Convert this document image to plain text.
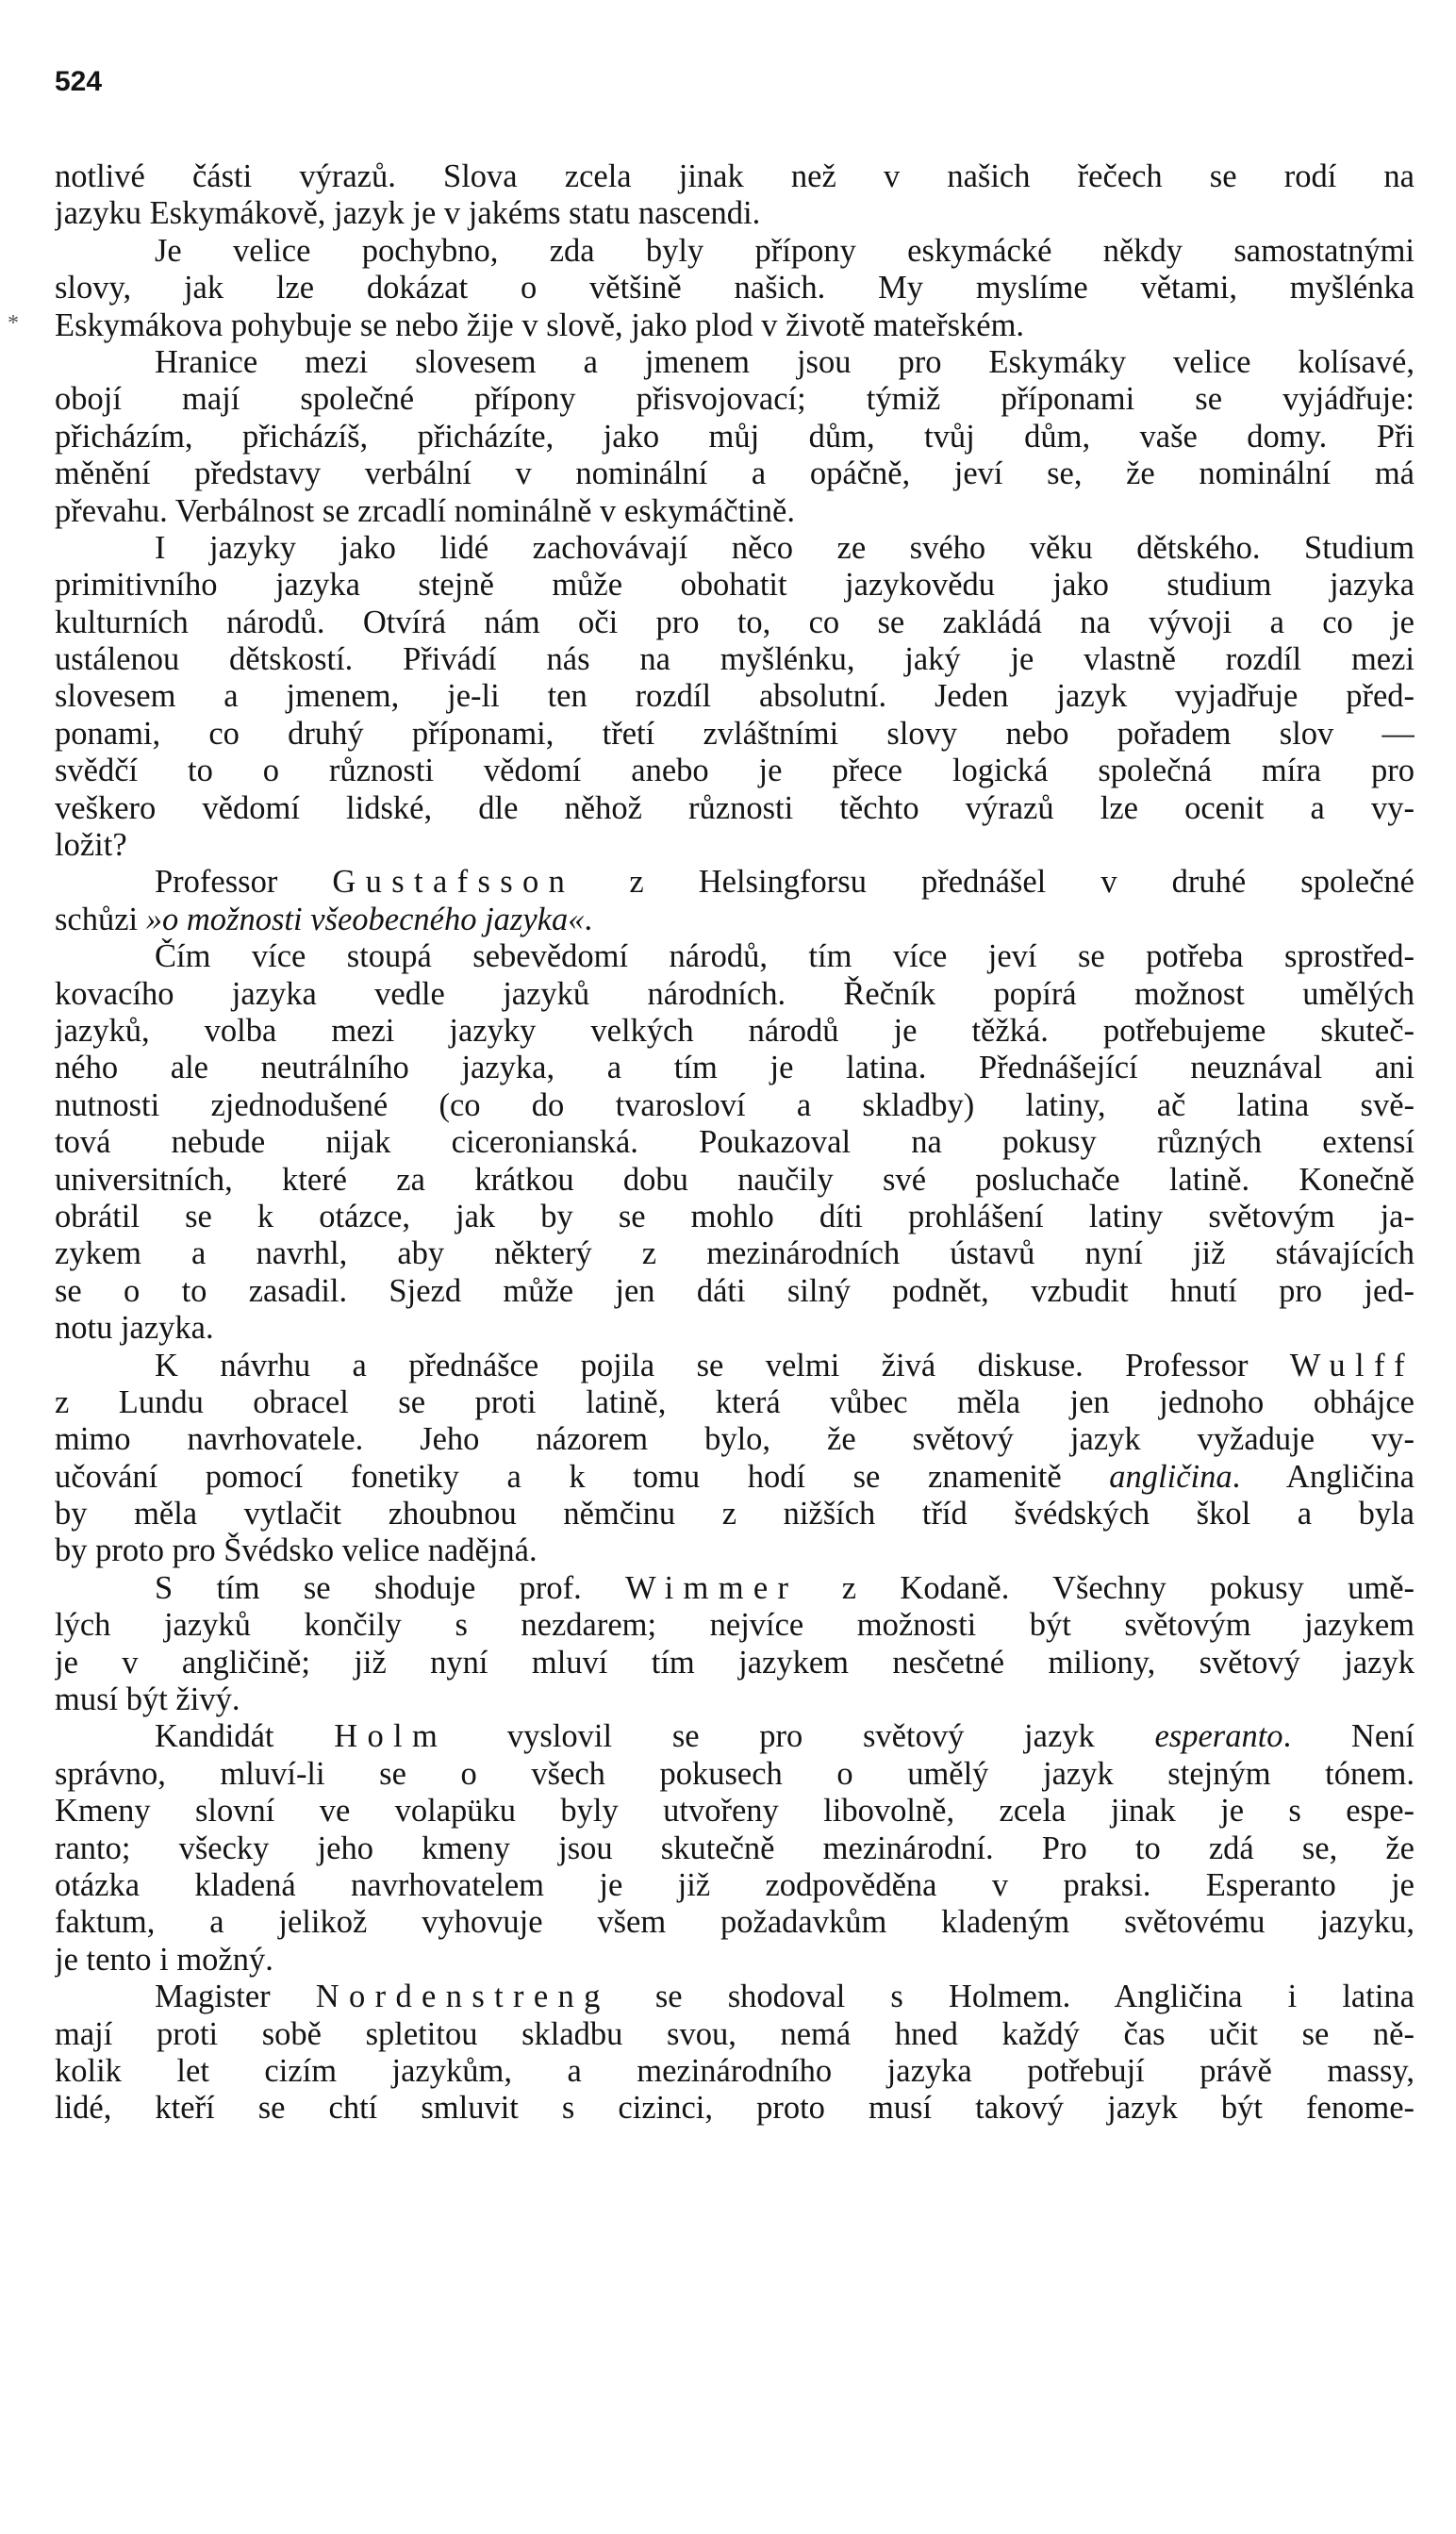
524
*
notlivé části výrazů. Slova zcela jinak než v našich řečech se rodí na
jazyku Eskymákově, jazyk je v jakéms statu nascendi.
Je velice pochybno, zda byly přípony eskymácké někdy samostatnými
slovy, jak lze dokázat o většině našich. My myslíme větami, myšlénka
Eskymákova pohybuje se nebo žije v slově, jako plod v životě mateřském.
Hranice mezi slovesem a jmenem jsou pro Eskymáky velice kolísavé,
obojí mají společné přípony přisvojovací; týmiž příponami se vyjádřuje:
přicházím, přicházíš, přicházíte, jako můj dům, tvůj dům, vaše domy. Při
měnění představy verbální v nominální a opáčně, jeví se, že nominální má
převahu. Verbálnost se zrcadlí nominálně v eskymáčtině.
I jazyky jako lidé zachovávají něco ze svého věku dětského. Studium
primitivního jazyka stejně může obohatit jazykovědu jako studium jazyka
kulturních národů. Otvírá nám oči pro to, co se zakládá na vývoji a co je
ustálenou dětskostí. Přivádí nás na myšlénku, jaký je vlastně rozdíl mezi
slovesem a jmenem, je-li ten rozdíl absolutní. Jeden jazyk vyjadřuje před-
ponami, co druhý příponami, třetí zvláštními slovy nebo pořadem slov —
svědčí to o různosti vědomí anebo je přece logická společná míra pro
veškero vědomí lidské, dle něhož různosti těchto výrazů lze ocenit a vy-
ložit?
Professor Gustafsson z Helsingforsu přednášel v druhé společné
schůzi »o možnosti všeobecného jazyka«.
Čím více stoupá sebevědomí národů, tím více jeví se potřeba sprostřed-
kovacího jazyka vedle jazyků národních. Řečník popírá možnost umělých
jazyků, volba mezi jazyky velkých národů je těžká. potřebujeme skuteč-
ného ale neutrálního jazyka, a tím je latina. Přednášející neuznával ani
nutnosti zjednodušené (co do tvarosloví a skladby) latiny, ač latina svě-
tová nebude nijak ciceronianská. Poukazoval na pokusy různých extensí
universitních, které za krátkou dobu naučily své posluchače latině. Konečně
obrátil se k otázce, jak by se mohlo díti prohlášení latiny světovým ja-
zykem a navrhl, aby některý z mezinárodních ústavů nyní již stávajících
se o to zasadil. Sjezd může jen dáti silný podnět, vzbudit hnutí pro jed-
notu jazyka.
K návrhu a přednášce pojila se velmi živá diskuse. Professor Wulff
z Lundu obracel se proti latině, která vůbec měla jen jednoho obhájce
mimo navrhovatele. Jeho názorem bylo, že světový jazyk vyžaduje vy-
učování pomocí fonetiky a k tomu hodí se znamenitě angličina. Angličina
by měla vytlačit zhoubnou němčinu z nižších tříd švédských škol a byla
by proto pro Švédsko velice nadějná.
S tím se shoduje prof. Wimmer z Kodaně. Všechny pokusy umě-
lých jazyků končily s nezdarem; nejvíce možnosti být světovým jazykem
je v angličině; již nyní mluví tím jazykem nesčetné miliony, světový jazyk
musí být živý.
Kandidát Holm vyslovil se pro světový jazyk esperanto. Není
správno, mluví-li se o všech pokusech o umělý jazyk stejným tónem.
Kmeny slovní ve volapüku byly utvořeny libovolně, zcela jinak je s espe-
ranto; všecky jeho kmeny jsou skutečně mezinárodní. Pro to zdá se, že
otázka kladená navrhovatelem je již zodpověděna v praksi. Esperanto je
faktum, a jelikož vyhovuje všem požadavkům kladeným světovému jazyku,
je tento i možný.
Magister Nordenstreng se shodoval s Holmem. Angličina i latina
mají proti sobě spletitou skladbu svou, nemá hned každý čas učit se ně-
kolik let cizím jazykům, a mezinárodního jazyka potřebují právě massy,
lidé, kteří se chtí smluvit s cizinci, proto musí takový jazyk být fenome-
